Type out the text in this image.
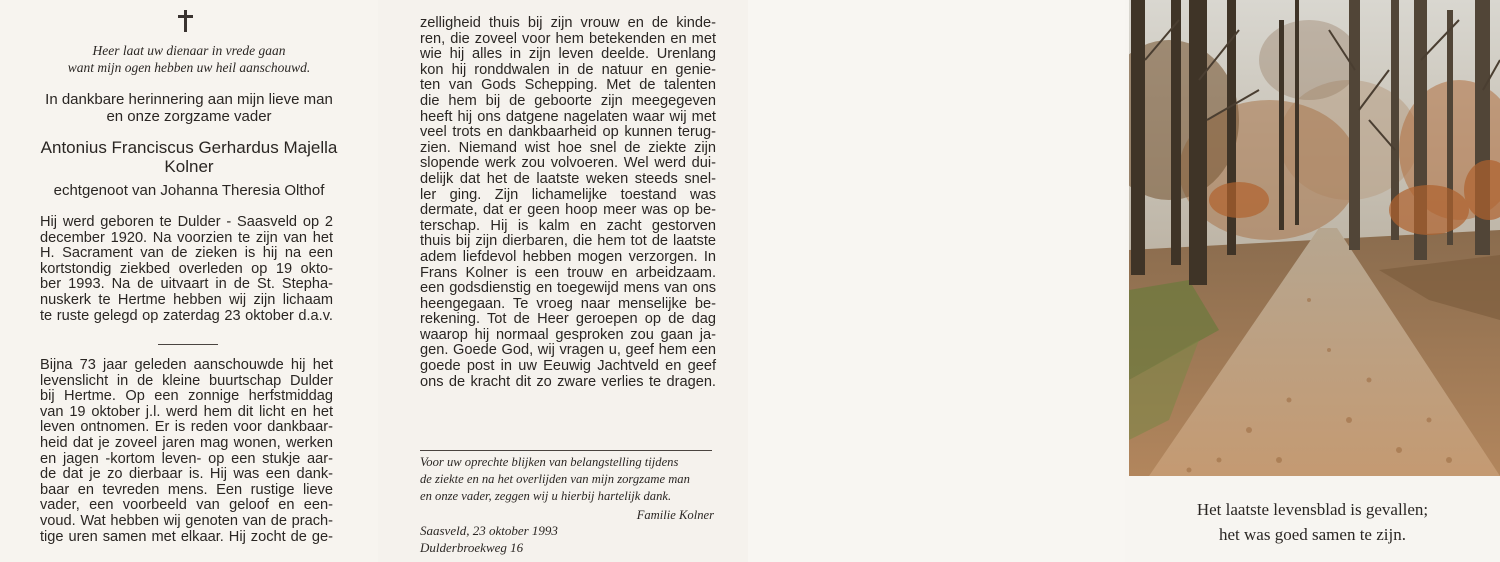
Heer laat uw dienaar in vrede gaan
want mijn ogen hebben uw heil aanschouwd.
In dankbare herinnering aan mijn lieve man
en onze zorgzame vader
Antonius Franciscus Gerhardus Majella
Kolner
echtgenoot van Johanna Theresia Olthof
Hij werd geboren te Dulder - Saasveld op 2
december 1920. Na voorzien te zijn van het
H. Sacrament van de zieken is hij na een
kortstondig ziekbed overleden op 19 okto-
ber 1993. Na de uitvaart in de St. Stepha-
nuskerk te Hertme hebben wij zijn lichaam
te ruste gelegd op zaterdag 23 oktober d.a.v.
Bijna 73 jaar geleden aanschouwde hij het
levenslicht in de kleine buurtschap Dulder
bij Hertme. Op een zonnige herfstmiddag
van 19 oktober j.l. werd hem dit licht en het
leven ontnomen. Er is reden voor dankbaar-
heid dat je zoveel jaren mag wonen, werken
en jagen -kortom leven- op een stukje aar-
de dat je zo dierbaar is. Hij was een dank-
baar en tevreden mens. Een rustige lieve
vader, een voorbeeld van geloof en een-
voud. Wat hebben wij genoten van de prach-
tige uren samen met elkaar. Hij zocht de ge-
zelligheid thuis bij zijn vrouw en de kinde-
ren, die zoveel voor hem betekenden en met
wie hij alles in zijn leven deelde. Urenlang
kon hij ronddwalen in de natuur en genie-
ten van Gods Schepping. Met de talenten
die hem bij de geboorte zijn meegegeven
heeft hij ons datgene nagelaten waar wij met
veel trots en dankbaarheid op kunnen terug-
zien. Niemand wist hoe snel de ziekte zijn
slopende werk zou volvoeren. Wel werd dui-
delijk dat het de laatste weken steeds snel-
ler ging. Zijn lichamelijke toestand was
dermate, dat er geen hoop meer was op be-
terschap. Hij is kalm en zacht gestorven
thuis bij zijn dierbaren, die hem tot de laatste
adem liefdevol hebben mogen verzorgen. In
Frans Kolner is een trouw en arbeidzaam.
een godsdienstig en toegewijd mens van ons
heengegaan. Te vroeg naar menselijke be-
rekening. Tot de Heer geroepen op de dag
waarop hij normaal gesproken zou gaan ja-
gen. Goede God, wij vragen u, geef hem een
goede post in uw Eeuwig Jachtveld en geef
ons de kracht dit zo zware verlies te dragen.
Voor uw oprechte blijken van belangstelling tijdens
de ziekte en na het overlijden van mijn zorgzame man
en onze vader, zeggen wij u hierbij hartelijk dank.
Familie Kolner
Saasveld, 23 oktober 1993
Dulderbroekweg 16
Het laatste levensblad is gevallen;
het was goed samen te zijn.
